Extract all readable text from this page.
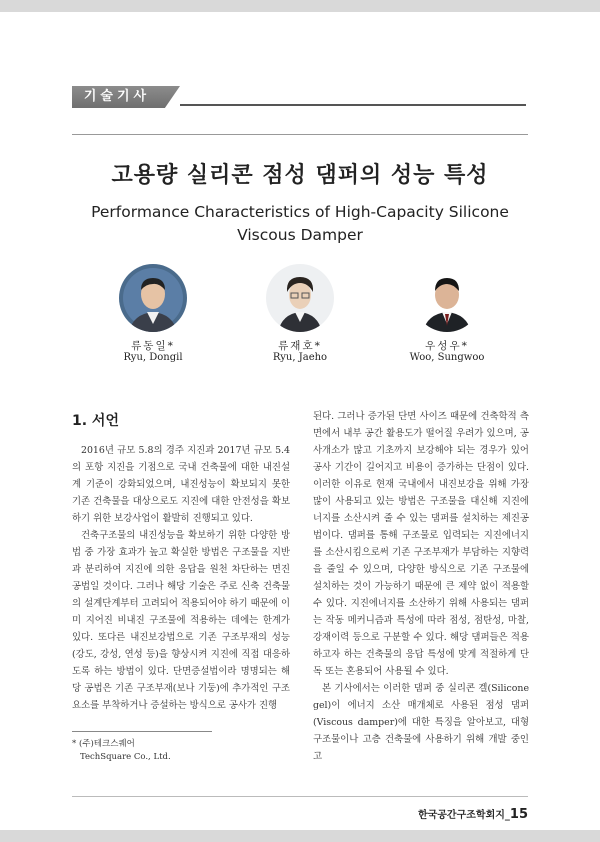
기술기사
고용량 실리콘 점성 댐퍼의 성능 특성
Performance Characteristics of High-Capacity Silicone
Viscous Damper
류동일*
Ryu, Dongil
류재호*
Ryu, Jaeho
우성우*
Woo, Sungwoo
1. 서언

2016년 규모 5.8의 경주 지진과 2017년 규모 5.4의 포항 지진을 기점으로 국내 건축물에 대한 내진설계 기준이 강화되었으며, 내진성능이 확보되지 못한 기존 건축물을 대상으로도 지진에 대한 안전성을 확보하기 위한 보강사업이 활발히 진행되고 있다.

건축구조물의 내진성능을 확보하기 위한 다양한 방법 중 가장 효과가 높고 확실한 방법은 구조물을 지반과 분리하여 지진에 의한 응답을 원천 차단하는 면진 공법일 것이다. 그러나 해당 기술은 주로 신축 건축물의 설계단계부터 고려되어 적용되어야 하기 때문에 이미 지어진 비내진 구조물에 적용하는 데에는 한계가 있다. 또다른 내진보강법으로 기존 구조부재의 성능(강도, 강성, 연성 등)을 향상시켜 지진에 직접 대응하도록 하는 방법이 있다. 단면증설법이라 명명되는 해당 공법은 기존 구조부재(보나 기둥)에 추가적인 구조요소를 부착하거나 증설하는 방식으로 공사가 진행

된다. 그러나 증가된 단면 사이즈 때문에 건축학적 측면에서 내부 공간 활용도가 떨어질 우려가 있으며, 공사개소가 많고 기초까지 보강해야 되는 경우가 있어 공사 기간이 길어지고 비용이 증가하는 단점이 있다. 이러한 이유로 현재 국내에서 내진보강을 위해 가장 많이 사용되고 있는 방법은 구조물을 대신해 지진에너지를 소산시켜 줄 수 있는 댐퍼를 설치하는 제진공법이다. 댐퍼를 통해 구조물로 입력되는 지진에너지를 소산시킴으로써 기존 구조부재가 부담하는 지향력을 줄일 수 있으며, 다양한 방식으로 기존 구조물에 설치하는 것이 가능하기 때문에 큰 제약 없이 적용할 수 있다. 지진에너지를 소산하기 위해 사용되는 댐퍼는 작동 메커니즘과 특성에 따라 점성, 점탄성, 마찰, 강재이력 등으로 구분할 수 있다. 해당 댐퍼들은 적용하고자 하는 건축물의 응답 특성에 맞게 적절하게 단독 또는 혼용되어 사용될 수 있다.

본 기사에서는 이러한 댐퍼 중 실리콘 겔(Silicone gel)이 에너지 소산 매개체로 사용된 점성 댐퍼(Viscous damper)에 대한 특징을 알아보고, 대형 구조물이나 고층 건축물에 사용하기 위해 개발 중인 고

* (주)테크스퀘어
TechSquare Co., Ltd.
한국공간구조학회지_15
